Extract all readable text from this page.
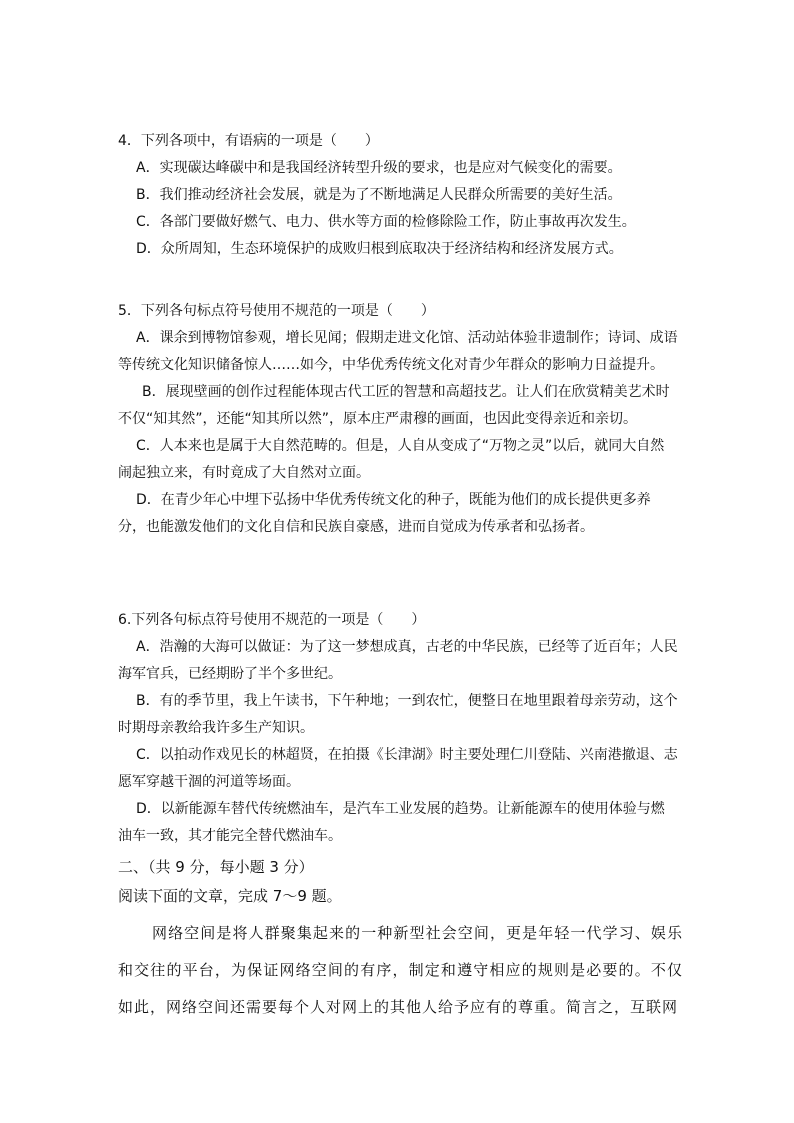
4．下列各项中，有语病的一项是（　　）

A．实现碳达峰碳中和是我国经济转型升级的要求，也是应对气候变化的需要。

B．我们推动经济社会发展，就是为了不断地满足人民群众所需要的美好生活。

C．各部门要做好燃气、电力、供水等方面的检修除险工作，防止事故再次发生。

D．众所周知，生态环境保护的成败归根到底取决于经济结构和经济发展方式。

5．下列各句标点符号使用不规范的一项是（　　）

A．课余到博物馆参观，增长见闻；假期走进文化馆、活动站体验非遗制作；诗词、成语等传统文化知识储备惊人……如今，中华优秀传统文化对青少年群众的影响力日益提升。B．展现壁画的创作过程能体现古代工匠的智慧和高超技艺。让人们在欣赏精美艺术时不仅“知其然”，还能“知其所以然”，原本庄严肃穆的画面，也因此变得亲近和亲切。

C．人本来也是属于大自然范畴的。但是，人自从变成了“万物之灵”以后，就同大自然闹起独立来，有时竟成了大自然对立面。

D．在青少年心中埋下弘扬中华优秀传统文化的种子，既能为他们的成长提供更多养分，也能激发他们的文化自信和民族自豪感，进而自觉成为传承者和弘扬者。

6.下列各句标点符号使用不规范的一项是（　　）

A．浩瀚的大海可以做证：为了这一梦想成真，古老的中华民族，已经等了近百年；人民海军官兵，已经期盼了半个多世纪。

B．有的季节里，我上午读书，下午种地；一到农忙，便整日在地里跟着母亲劳动，这个时期母亲教给我许多生产知识。

C．以拍动作戏见长的林超贤，在拍摄《长津湖》时主要处理仁川登陆、兴南港撤退、志愿军穿越干涸的河道等场面。

D．以新能源车替代传统燃油车，是汽车工业发展的趋势。让新能源车的使用体验与燃油车一致，其才能完全替代燃油车。

二、（共 9 分，每小题 3 分）
阅读下面的文章，完成 7～9 题。

网络空间是将人群聚集起来的一种新型社会空间，更是年轻一代学习、娱乐和交往的平台，为保证网络空间的有序，制定和遵守相应的规则是必要的。不仅如此，网络空间还需要每个人对网上的其他人给予应有的尊重。简言之，互联网
